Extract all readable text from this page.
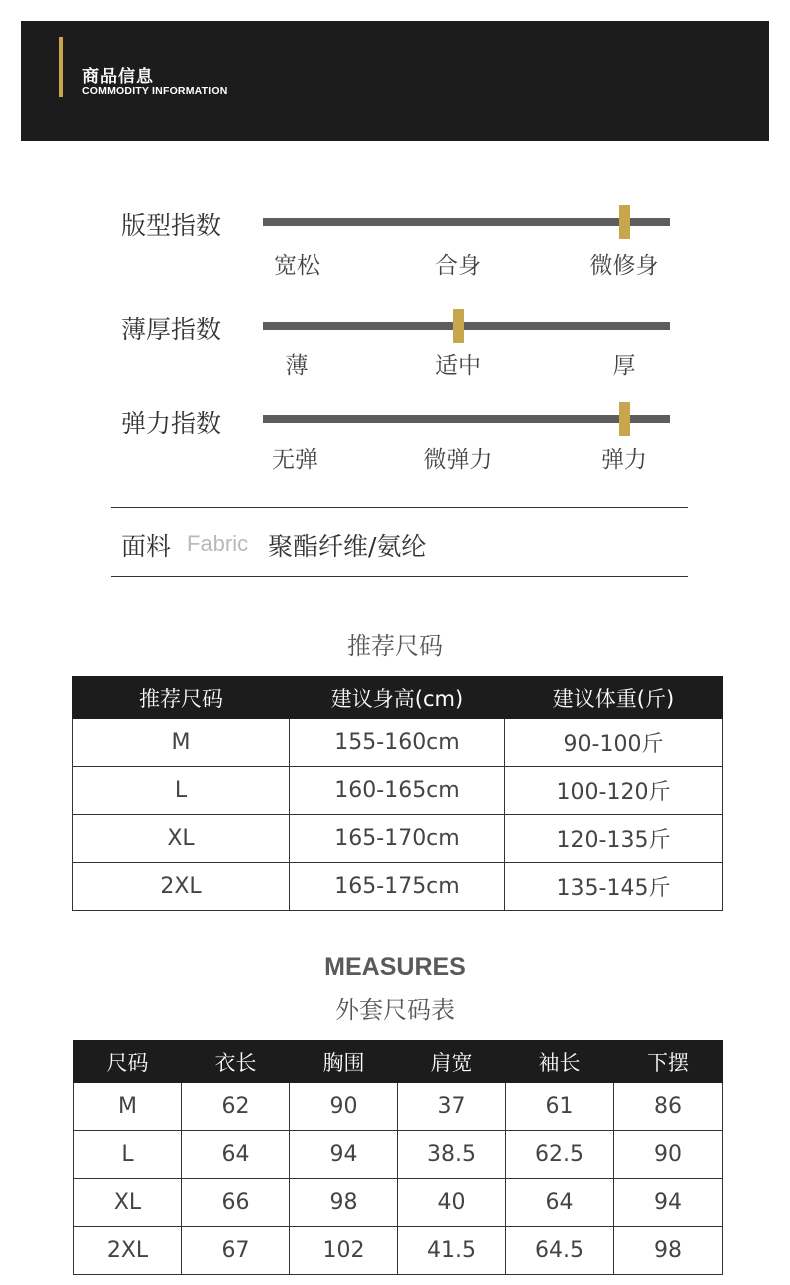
商品信息
COMMODITY INFORMATION
版型指数
宽松	合身	微修身
薄厚指数
薄	适中	厚
弹力指数
无弹	微弹力	弹力
面料 Fabric 聚酯纤维/氨纶
推荐尺码
推荐尺码	建议身高(cm)	建议体重(斤)
M	155-160cm	90-100斤
L	160-165cm	100-120斤
XL	165-170cm	120-135斤
2XL	165-175cm	135-145斤
MEASURES
外套尺码表
尺码	衣长	胸围	肩宽	袖长	下摆
M	62	90	37	61	86
L	64	94	38.5	62.5	90
XL	66	98	40	64	94
2XL	67	102	41.5	64.5	98
